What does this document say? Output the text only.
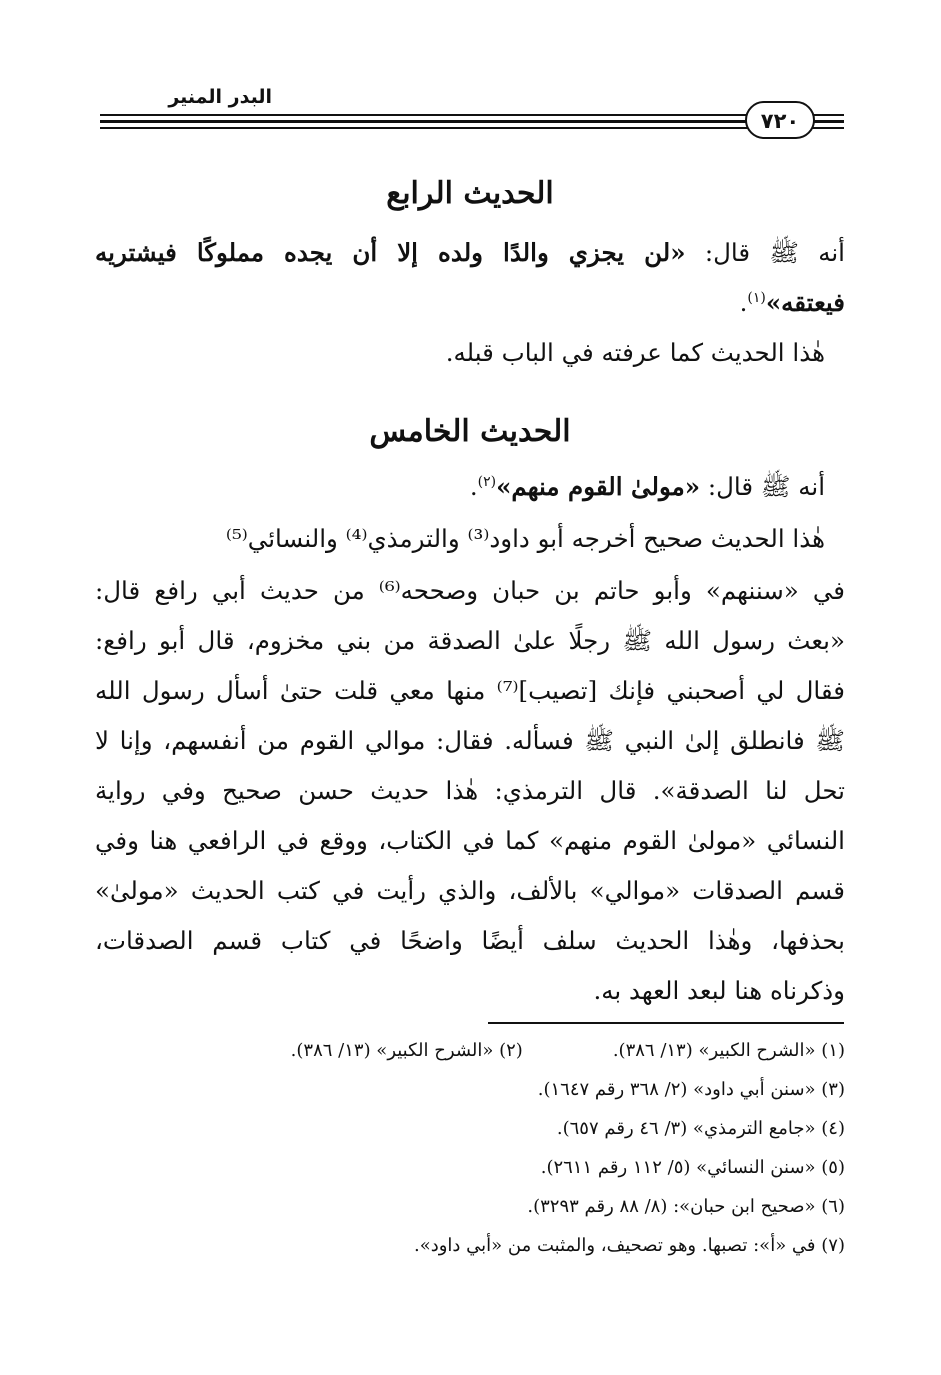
البدر المنير
٧٢٠
الحديث الرابع
أنه ﷺ قال: «لن يجزي والدًا ولده إلا أن يجده مملوكًا فيشتريه
فيعتقه»$^{(١)}$.
هٰذا الحديث كما عرفته في الباب قبله.
الحديث الخامس
أنه ﷺ قال: «مولىٰ القوم منهم»$^{(٢)}$.
هٰذا الحديث صحيح أخرجه أبو داود⁽³⁾ والترمذي⁽⁴⁾ والنسائي⁽⁵⁾
في «سننهم» وأبو حاتم بن حبان وصححه⁽⁶⁾ من حديث أبي رافع قال:
«بعث رسول الله ﷺ رجلًا علىٰ الصدقة من بني مخزوم، قال أبو رافع:
فقال لي أصحبني فإنك [تصيب]⁽⁷⁾ منها معي قلت حتىٰ أسأل رسول الله
ﷺ فانطلق إلىٰ النبي ﷺ فسأله. فقال: موالي القوم من أنفسهم، وإنا لا
تحل لنا الصدقة». قال الترمذي: هٰذا حديث حسن صحيح وفي رواية
النسائي «مولىٰ القوم منهم» كما في الكتاب، ووقع في الرافعي هنا وفي
قسم الصدقات «موالي» بالألف، والذي رأيت في كتب الحديث «مولىٰ»
بحذفها، وهٰذا الحديث سلف أيضًا واضحًا في كتاب قسم الصدقات،
وذكرناه هنا لبعد العهد به.
(١) «الشرح الكبير» (١٣/ ٣٨٦).(٢) «الشرح الكبير» (١٣/ ٣٨٦).
(٣) «سنن أبي داود» (٢/ ٣٦٨ رقم ١٦٤٧).
(٤) «جامع الترمذي» (٣/ ٤٦ رقم ٦٥٧).
(٥) «سنن النسائي» (٥/ ١١٢ رقم ٢٦١١).
(٦) «صحيح ابن حبان»: (٨/ ٨٨ رقم ٣٢٩٣).
(٧) في «أ»: تصبها. وهو تصحيف، والمثبت من «أبي داود».
